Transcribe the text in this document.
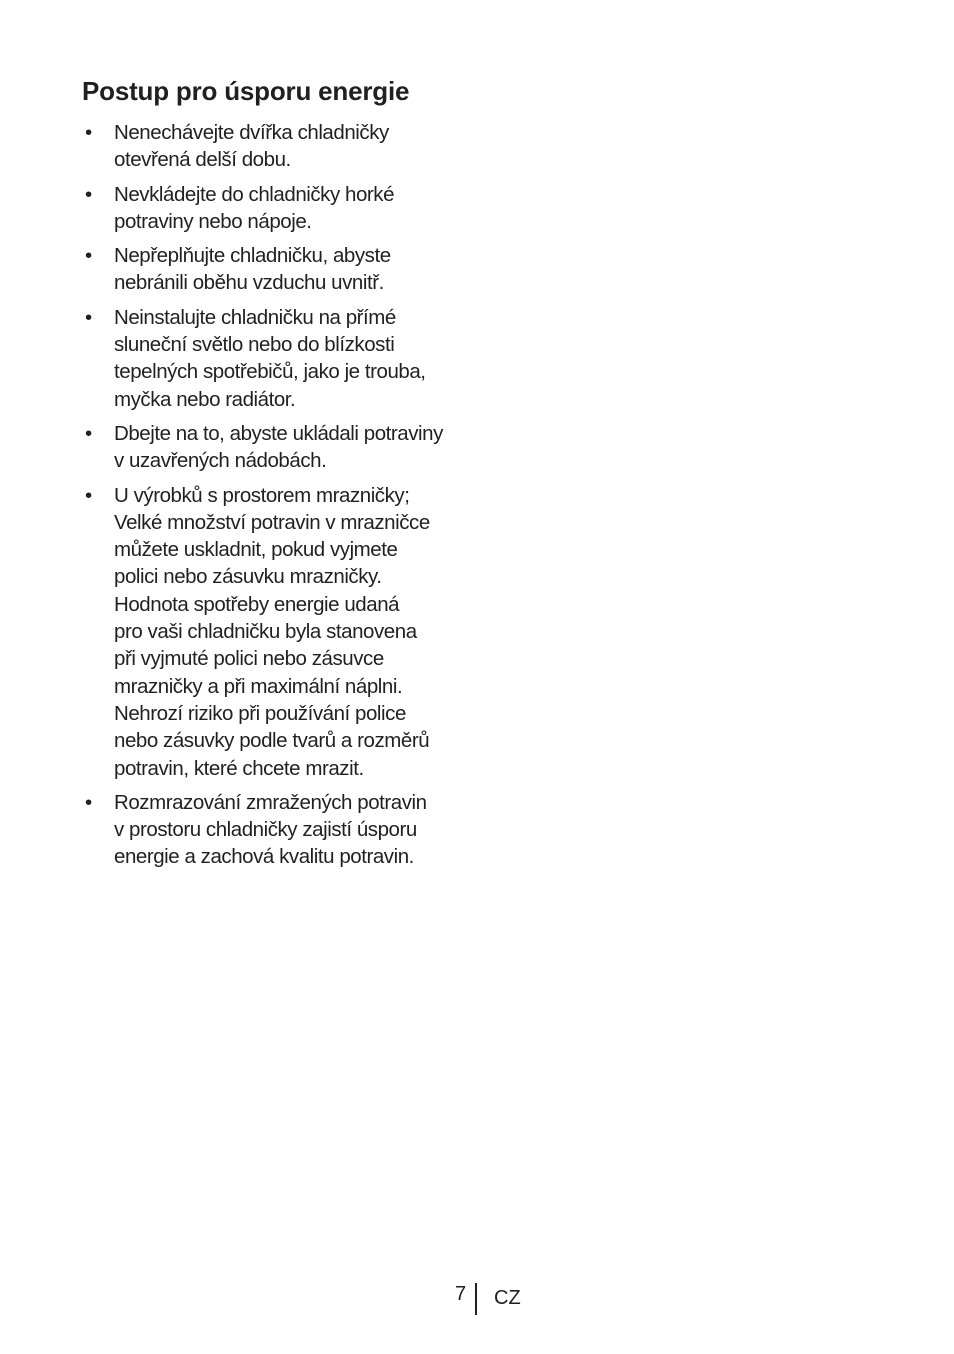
Postup pro úsporu energie
• Nenechávejte dvířka chladničky
otevřená delší dobu.
• Nevkládejte do chladničky horké
potraviny nebo nápoje.
• Nepřeplňujte chladničku, abyste
nebránili oběhu vzduchu uvnitř.
• Neinstalujte chladničku na přímé
sluneční světlo nebo do blízkosti
tepelných spotřebičů, jako je trouba,
myčka nebo radiátor.
• Dbejte na to, abyste ukládali potraviny
v uzavřených nádobách.
• U výrobků s prostorem mrazničky;
Velké množství potravin v mrazničce
můžete uskladnit, pokud vyjmete
polici nebo zásuvku mrazničky.
Hodnota spotřeby energie udaná
pro vaši chladničku byla stanovena
při vyjmuté polici nebo zásuvce
mrazničky a při maximální náplni.
Nehrozí riziko při používání police
nebo zásuvky podle tvarů a rozměrů
potravin, které chcete mrazit.
• Rozmrazování zmražených potravin
v prostoru chladničky zajistí úsporu
energie a zachová kvalitu potravin.
7 CZ
